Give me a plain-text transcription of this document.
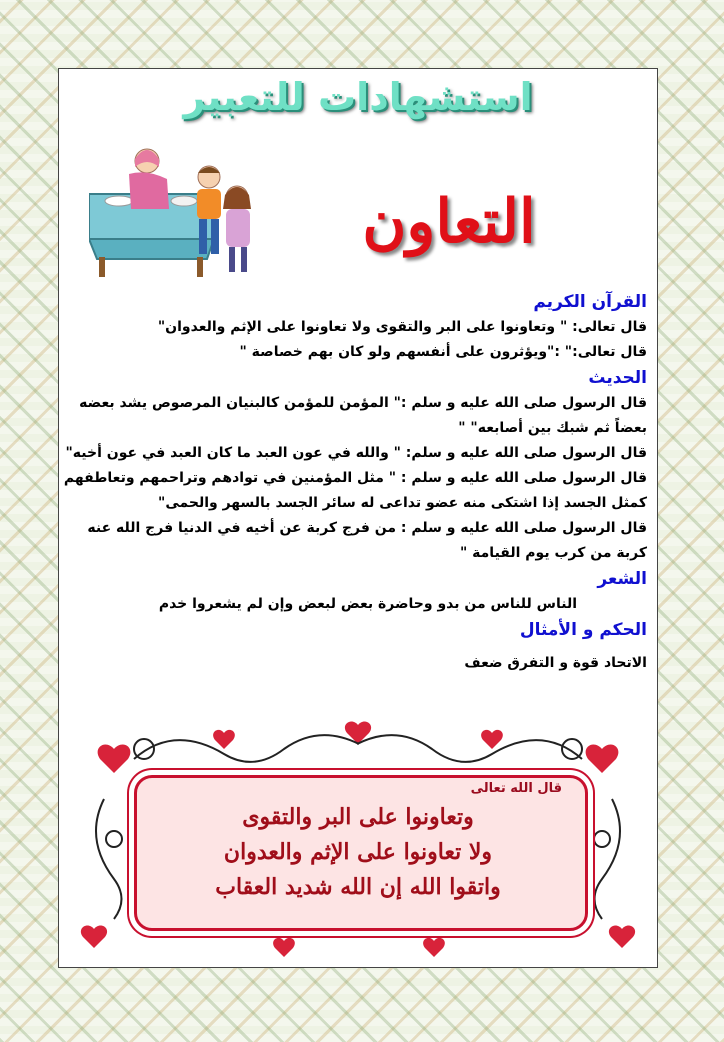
استشهادات للتعبير
التعاون
القرآن الكريم
قال تعالى: " وتعاونوا على البر والتقوى ولا تعاونوا على الإثم والعدوان"
قال تعالى:" :"ويؤثرون على أنفسهم ولو كان بهم خصاصة "
الحديث
قال الرسول صلى الله عليه و سلم :" المؤمن للمؤمن كالبنيان المرصوص يشد بعضه
بعضاً ثم شبك بين أصابعه" "
قال الرسول صلى الله عليه و سلم: " والله في عون العبد ما كان العبد في عون أخيه"
قال الرسول صلى الله عليه و سلم : " مثل المؤمنين في توادهم وتراحمهم وتعاطفهم
كمثل الجسد إذا اشتكى منه عضو تداعى له سائر الجسد بالسهر والحمى"
قال الرسول صلى الله عليه و سلم : من فرج كربة عن أخيه في الدنيا فرج الله عنه
كربة من كرب يوم القيامة "
الشعر
الناس للناس من بدو وحاضرة بعض لبعض وإن لم يشعروا خدم
الحكم و الأمثال
الاتحاد قوة و التفرق ضعف
قال الله تعالى
وتعاونوا على البر والتقوى
ولا تعاونوا على الإثم والعدوان
واتقوا الله إن الله شديد العقاب
